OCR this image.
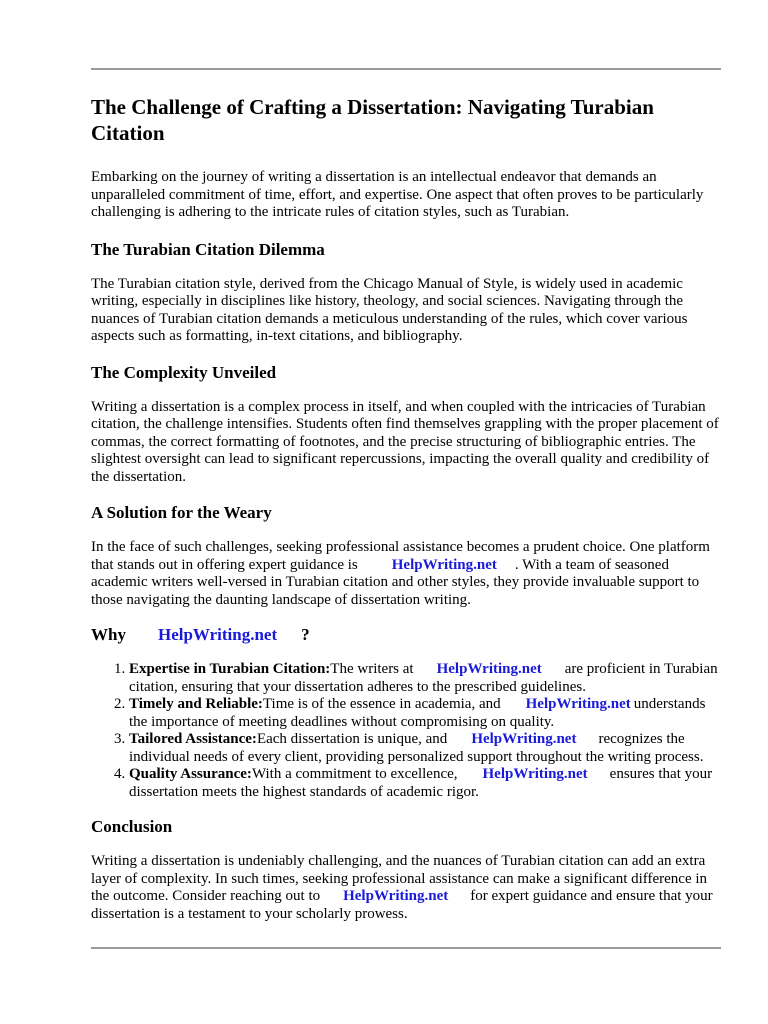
The Challenge of Crafting a Dissertation: Navigating Turabian Citation

Embarking on the journey of writing a dissertation is an intellectual endeavor that demands an unparalleled commitment of time, effort, and expertise. One aspect that often proves to be particularly challenging is adhering to the intricate rules of citation styles, such as Turabian.

The Turabian Citation Dilemma

The Turabian citation style, derived from the Chicago Manual of Style, is widely used in academic writing, especially in disciplines like history, theology, and social sciences. Navigating through the nuances of Turabian citation demands a meticulous understanding of the rules, which cover various aspects such as formatting, in-text citations, and bibliography.

The Complexity Unveiled

Writing a dissertation is a complex process in itself, and when coupled with the intricacies of Turabian citation, the challenge intensifies. Students often find themselves grappling with the proper placement of commas, the correct formatting of footnotes, and the precise structuring of bibliographic entries. The slightest oversight can lead to significant repercussions, impacting the overall quality and credibility of the dissertation.

A Solution for the Weary

In the face of such challenges, seeking professional assistance becomes a prudent choice. One platform that stands out in offering expert guidance is HelpWriting.net . With a team of seasoned academic writers well-versed in Turabian citation and other styles, they provide invaluable support to those navigating the daunting landscape of dissertation writing.

Why HelpWriting.net ?
1. Expertise in Turabian Citation:The writers at HelpWriting.net are proficient in Turabian citation, ensuring that your dissertation adheres to the prescribed guidelines.
2. Timely and Reliable:Time is of the essence in academia, and HelpWriting.net understands the importance of meeting deadlines without compromising on quality.
3. Tailored Assistance:Each dissertation is unique, and HelpWriting.net recognizes the individual needs of every client, providing personalized support throughout the writing process.
4. Quality Assurance:With a commitment to excellence, HelpWriting.net ensures that your dissertation meets the highest standards of academic rigor.
Conclusion

Writing a dissertation is undeniably challenging, and the nuances of Turabian citation can add an extra layer of complexity. In such times, seeking professional assistance can make a significant difference in the outcome. Consider reaching out to HelpWriting.net for expert guidance and ensure that your dissertation is a testament to your scholarly prowess.
